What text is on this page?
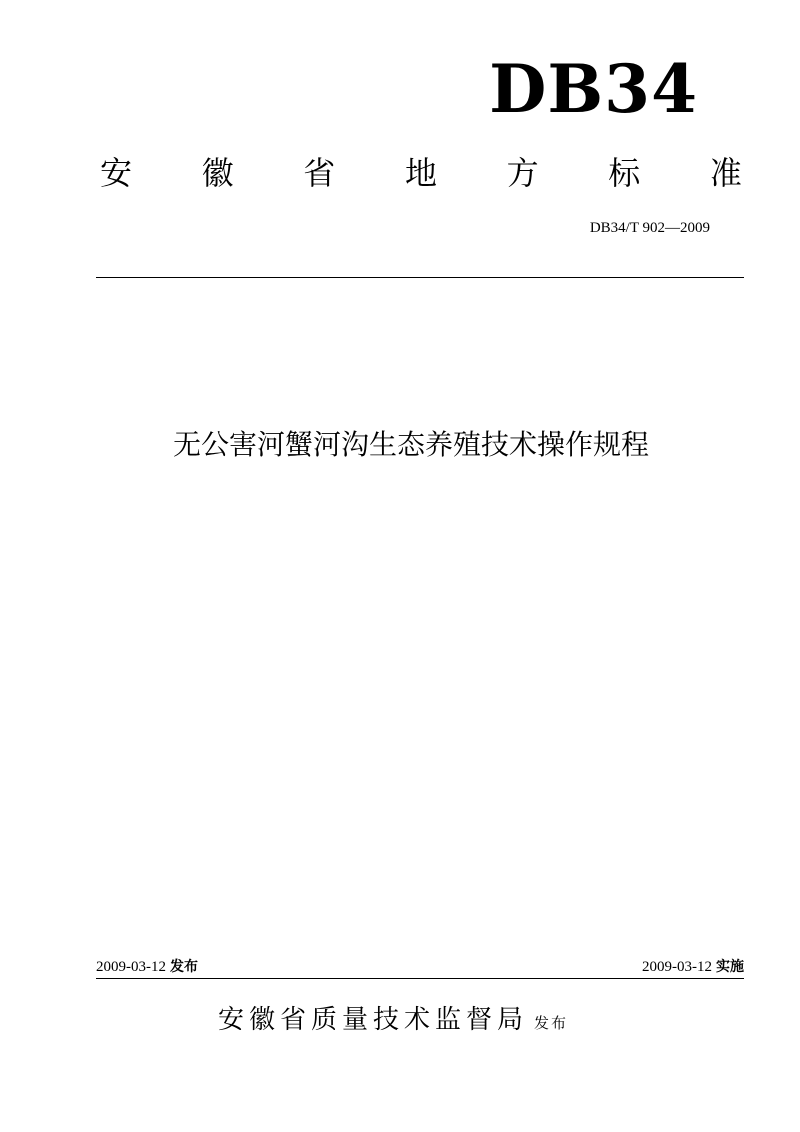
DB34
安 徽 省 地 方 标 准
DB34/T 902—2009
无公害河蟹河沟生态养殖技术操作规程
2009-03-12 发布	2009-03-12 实施
安徽省质量技术监督局 发布
